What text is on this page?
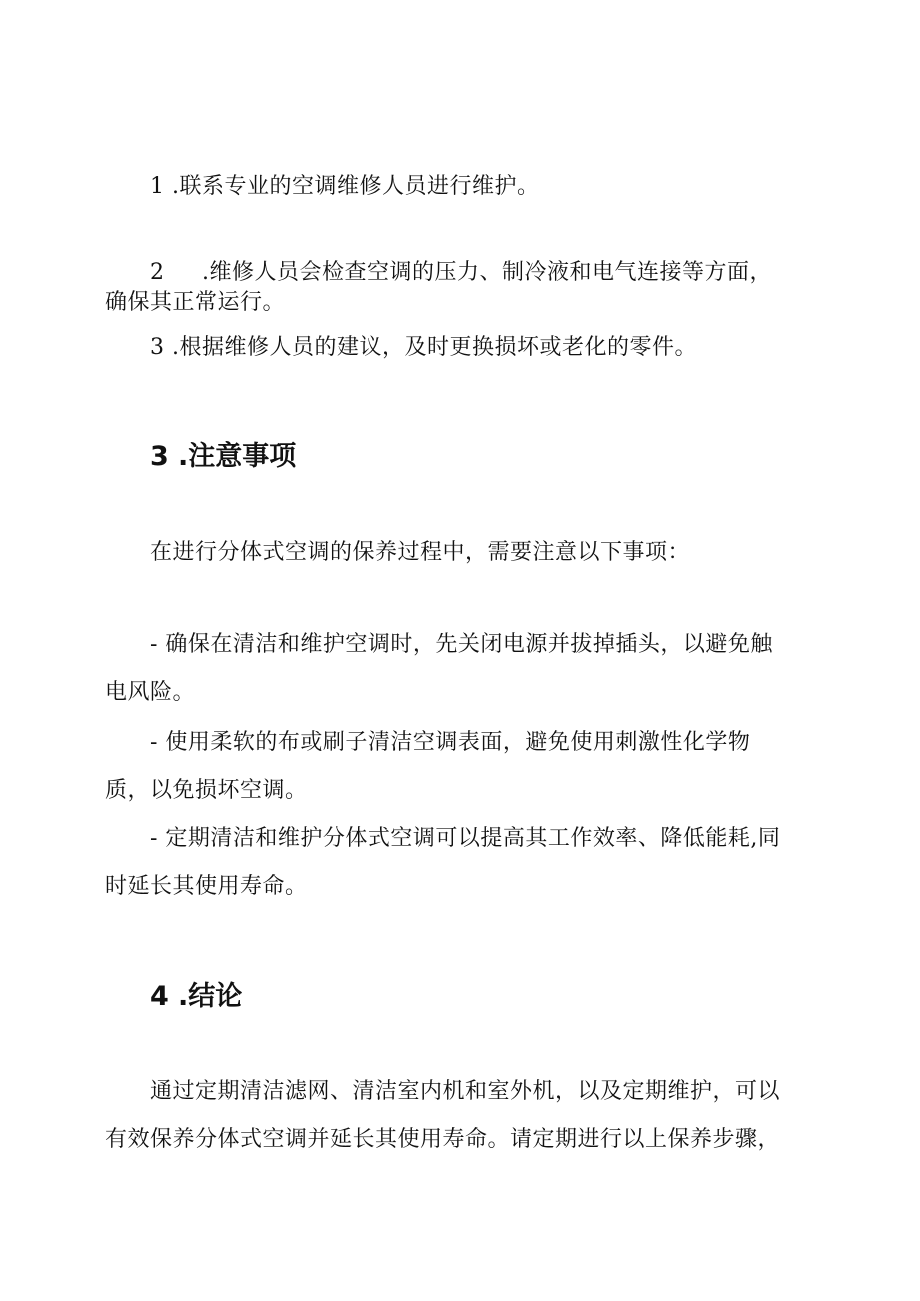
1 .联系专业的空调维修人员进行维护。
2 .维修人员会检查空调的压力、制冷液和电气连接等方面，
确保其正常运行。
3 .根据维修人员的建议，及时更换损坏或老化的零件。
3 .注意事项
在进行分体式空调的保养过程中，需要注意以下事项：
- 确保在清洁和维护空调时，先关闭电源并拔掉插头，以避免触
电风险。
- 使用柔软的布或刷子清洁空调表面，避免使用刺激性化学物
质，以免损坏空调。
- 定期清洁和维护分体式空调可以提高其工作效率、降低能耗,同
时延长其使用寿命。
4 .结论
通过定期清洁滤网、清洁室内机和室外机，以及定期维护，可以
有效保养分体式空调并延长其使用寿命。请定期进行以上保养步骤，
